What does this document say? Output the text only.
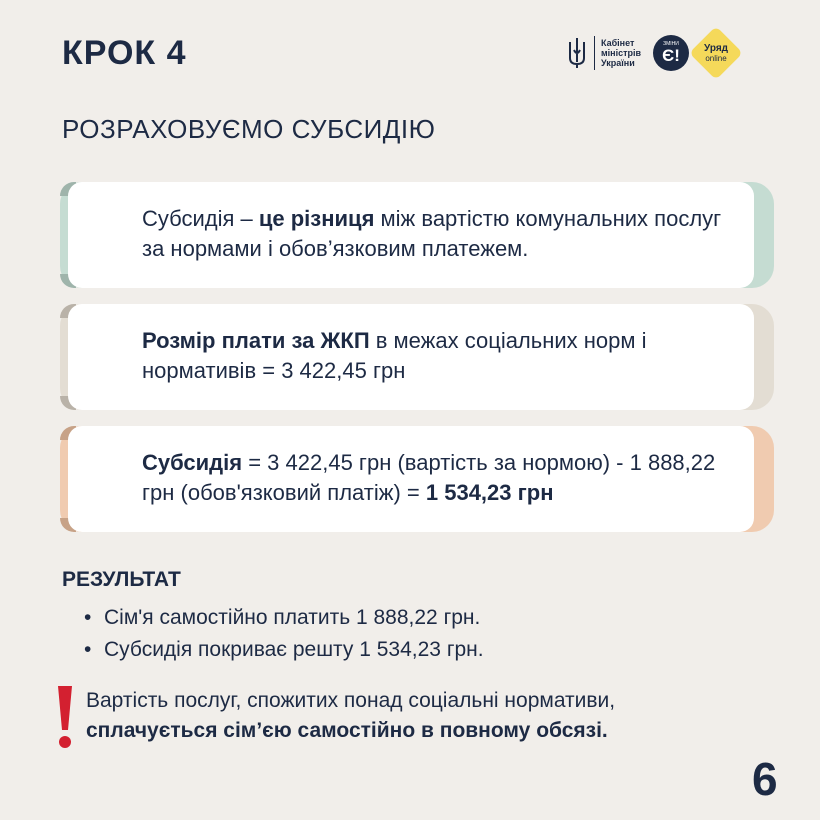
КРОК 4	Кабінет
міністрів
України
ЗМІНИ
Є! Уряд
online
РОЗРАХОВУЄМО СУБСИДІЮ
Субсидія – це різниця між вартістю комунальних послуг за нормами і обов’язковим платежем.
Розмір плати за ЖКП в межах соціальних норм і нормативів = 3 422,45 грн
Субсидія = 3 422,45 грн (вартість за нормою) - 1 888,22 грн (обов'язковий платіж) = 1 534,23 грн
РЕЗУЛЬТАТ
• Сім'я самостійно платить 1 888,22 грн.
• Субсидія покриває решту 1 534,23 грн.
Вартість послуг, спожитих понад соціальні нормативи,
сплачується сім’єю самостійно в повному обсязі.
6
